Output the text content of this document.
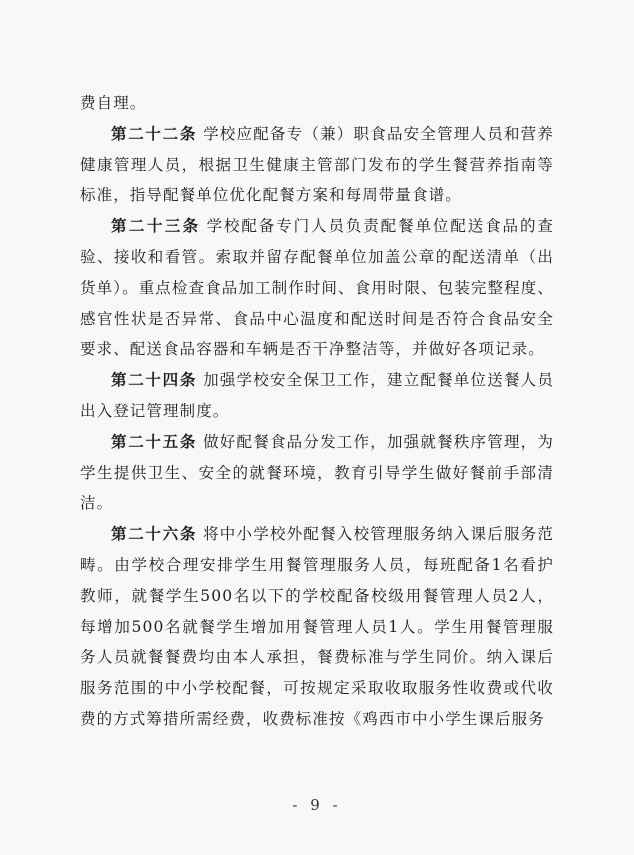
费自理。

第二十二条 学校应配备专（兼）职食品安全管理人员和营养健康管理人员，根据卫生健康主管部门发布的学生餐营养指南等标准，指导配餐单位优化配餐方案和每周带量食谱。

第二十三条 学校配备专门人员负责配餐单位配送食品的查验、接收和看管。索取并留存配餐单位加盖公章的配送清单（出货单）。重点检查食品加工制作时间、食用时限、包装完整程度、感官性状是否异常、食品中心温度和配送时间是否符合食品安全要求、配送食品容器和车辆是否干净整洁等，并做好各项记录。

第二十四条 加强学校安全保卫工作，建立配餐单位送餐人员出入登记管理制度。

第二十五条 做好配餐食品分发工作，加强就餐秩序管理，为学生提供卫生、安全的就餐环境，教育引导学生做好餐前手部清洁。

第二十六条 将中小学校外配餐入校管理服务纳入课后服务范畴。由学校合理安排学生用餐管理服务人员，每班配备1名看护教师，就餐学生500名以下的学校配备校级用餐管理人员2人，每增加500名就餐学生增加用餐管理人员1人。学生用餐管理服务人员就餐餐费均由本人承担，餐费标准与学生同价。纳入课后服务范围的中小学校配餐，可按规定采取收取服务性收费或代收费的方式筹措所需经费，收费标准按《鸡西市中小学生课后服务

- 9 -
